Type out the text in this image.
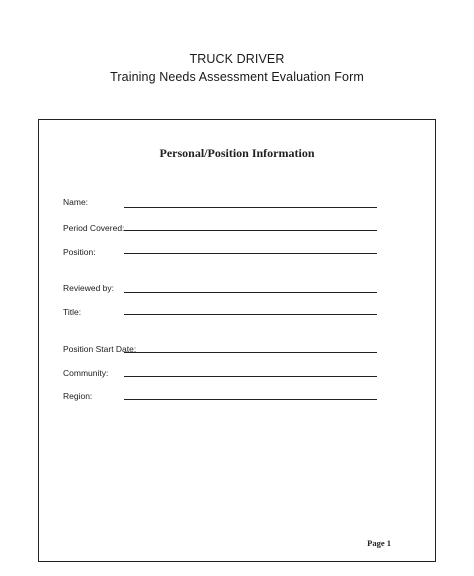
TRUCK DRIVER
Training Needs Assessment Evaluation Form
Personal/Position Information
Name:
Period Covered:
Position:
Reviewed by:
Title:
Position Start Date:
Community:
Region:
Page 1
